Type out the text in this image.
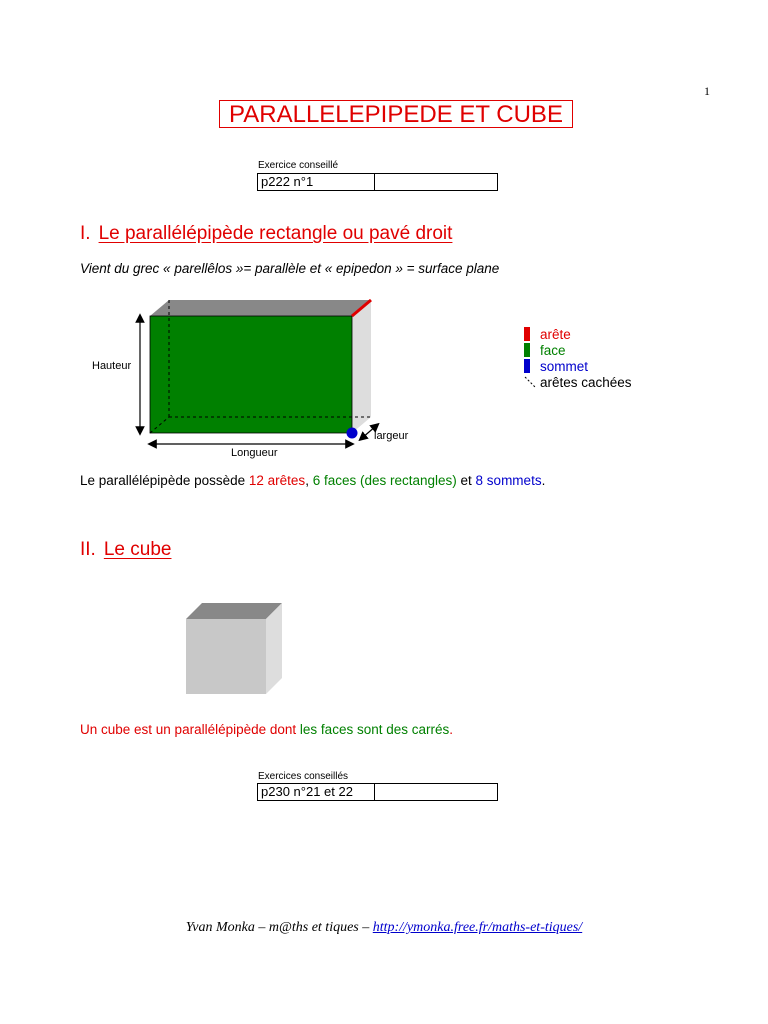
1
PARALLELEPIPEDE ET CUBE
Exercice conseillé
p222 n°1
I. Le parallélépipède rectangle ou pavé droit
Vient du grec « parellêlos »= parallèle et « epipedon » = surface plane
Hauteur
Longueur
largeur
arête
face
sommet
arêtes cachées
Le parallélépipède possède 12 arêtes, 6 faces (des rectangles) et 8 sommets.
II. Le cube
Un cube est un parallélépipède dont les faces sont des carrés.
Exercices conseillés
p230 n°21 et 22
Yvan Monka – m@ths et tiques – http://ymonka.free.fr/maths-et-tiques/
